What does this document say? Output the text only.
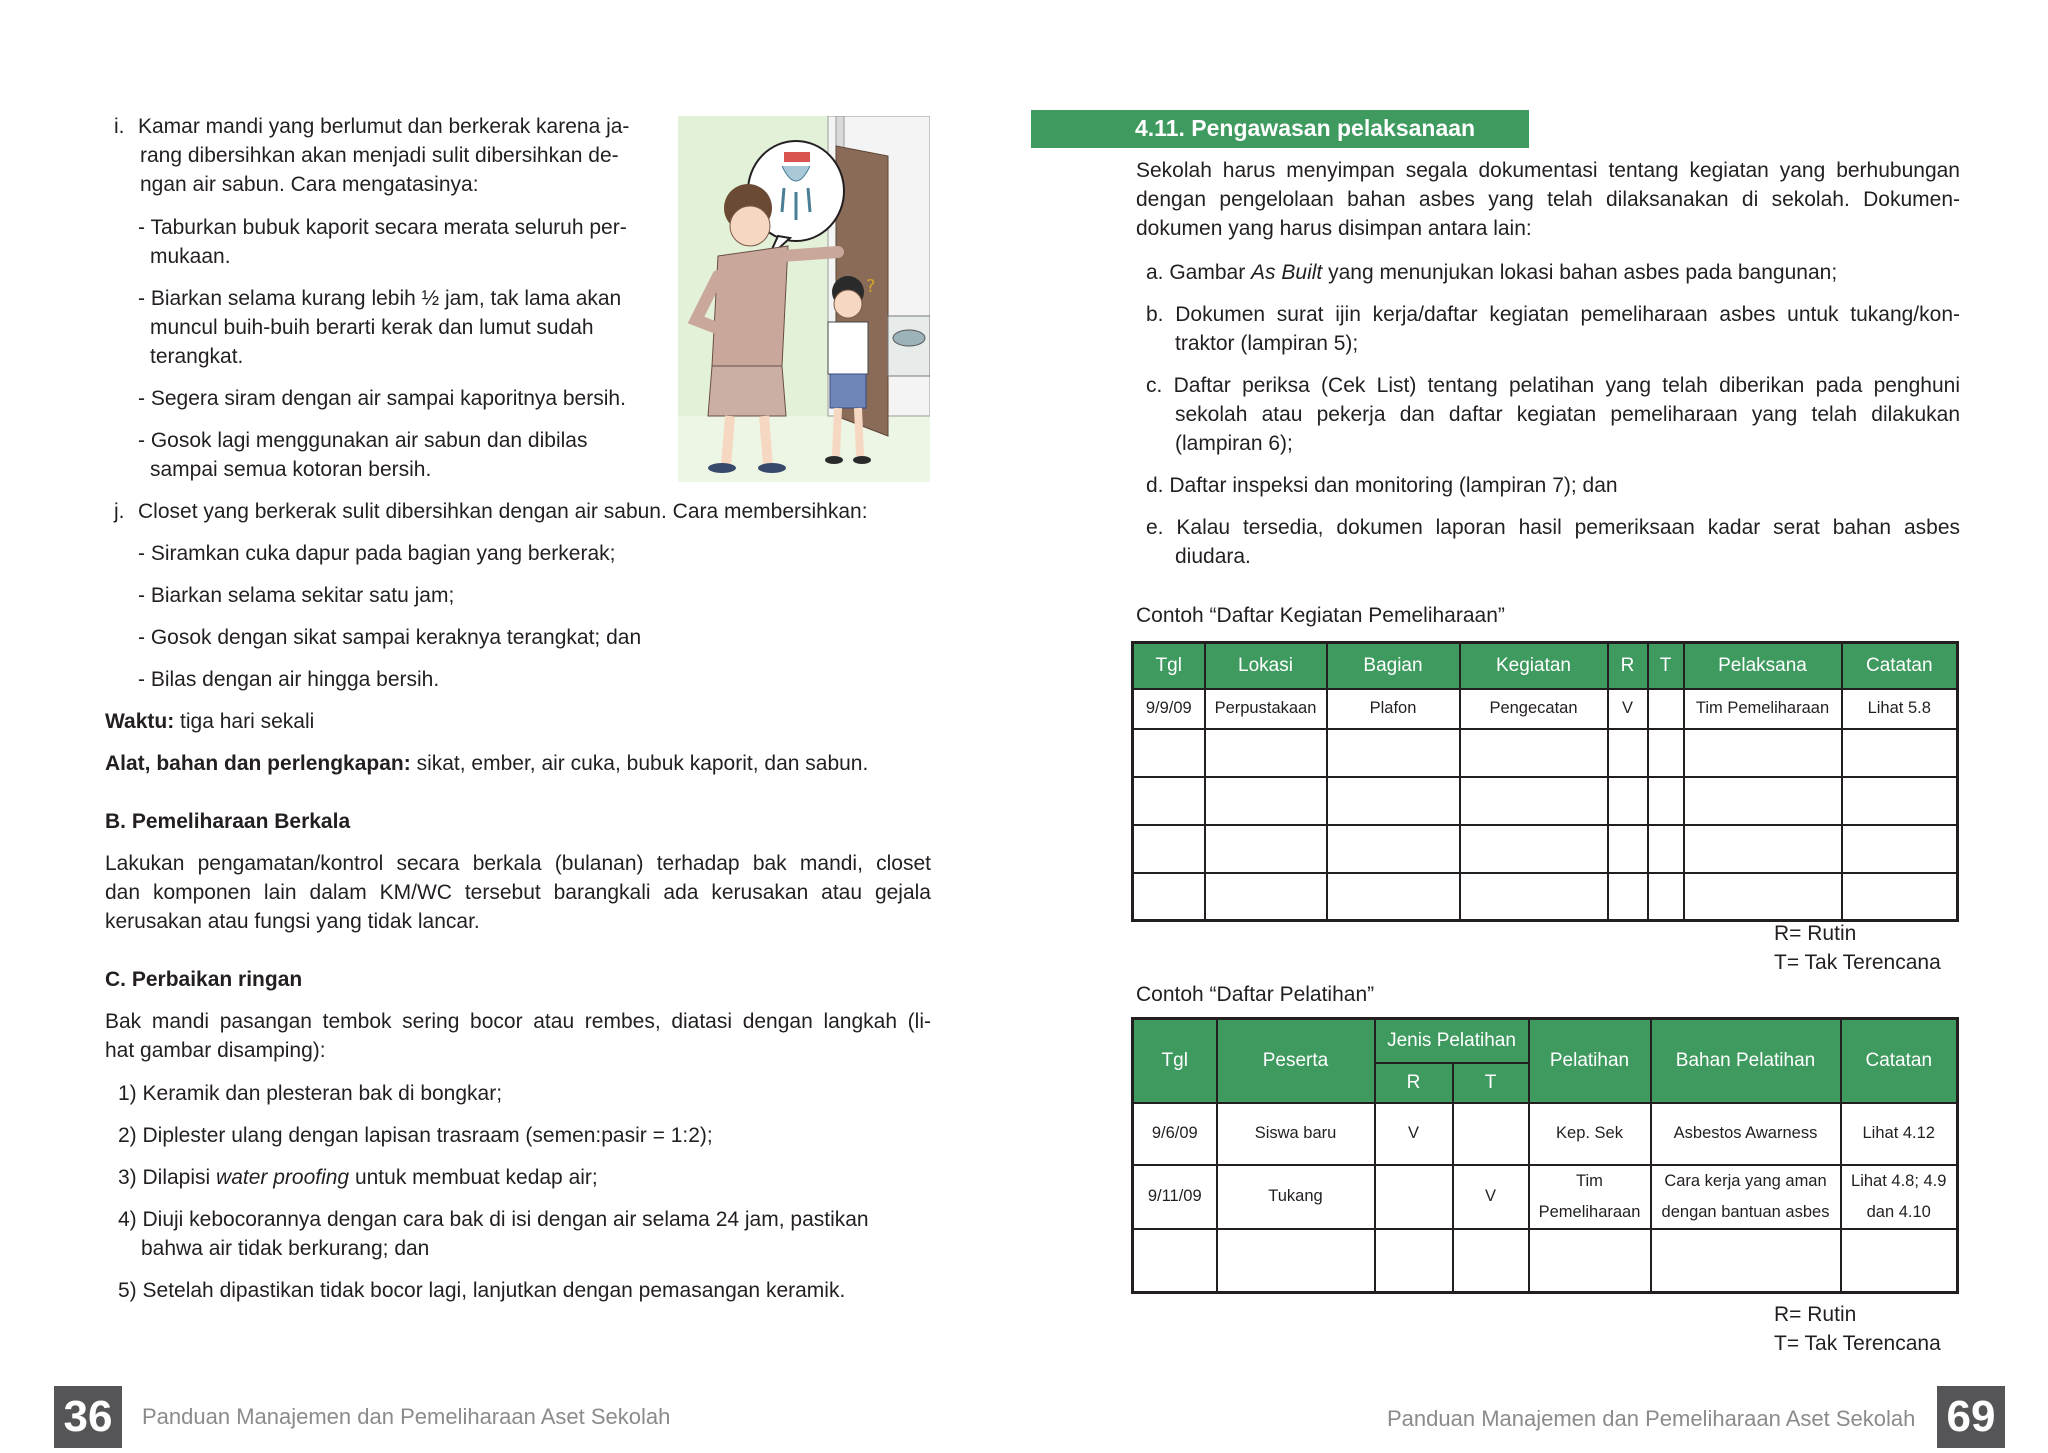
i. Kamar mandi yang berlumut dan berkerak karena ja-
rang dibersihkan akan menjadi sulit dibersihkan de-
ngan air sabun. Cara mengatasinya:
- Taburkan bubuk kaporit secara merata seluruh per-
mukaan.
- Biarkan selama kurang lebih ½ jam, tak lama akan
muncul buih-buih berarti kerak dan lumut sudah
terangkat.
- Segera siram dengan air sampai kaporitnya bersih.
- Gosok lagi menggunakan air sabun dan dibilas
sampai semua kotoran bersih.
?
j. Closet yang berkerak sulit dibersihkan dengan air sabun. Cara membersihkan:
- Siramkan cuka dapur pada bagian yang berkerak;
- Biarkan selama sekitar satu jam;
- Gosok dengan sikat sampai keraknya terangkat; dan
- Bilas dengan air hingga bersih.
Waktu: tiga hari sekali
Alat, bahan dan perlengkapan: sikat, ember, air cuka, bubuk kaporit, dan sabun.
B. Pemeliharaan Berkala
Lakukan pengamatan/kontrol secara berkala (bulanan) terhadap bak mandi, closet
dan komponen lain dalam KM/WC tersebut barangkali ada kerusakan atau gejala
kerusakan atau fungsi yang tidak lancar.
C. Perbaikan ringan
Bak mandi pasangan tembok sering bocor atau rembes, diatasi dengan langkah (li-
hat gambar disamping):
1) Keramik dan plesteran bak di bongkar;
2) Diplester ulang dengan lapisan trasraam (semen:pasir = 1:2);
3) Dilapisi water proofing untuk membuat kedap air;
4) Diuji kebocorannya dengan cara bak di isi dengan air selama 24 jam, pastikan
bahwa air tidak berkurang; dan
5) Setelah dipastikan tidak bocor lagi, lanjutkan dengan pemasangan keramik.
4.11. Pengawasan pelaksanaan
Sekolah harus menyimpan segala dokumentasi tentang kegiatan yang berhubungan
dengan pengelolaan bahan asbes yang telah dilaksanakan di sekolah. Dokumen-
dokumen yang harus disimpan antara lain:
a. Gambar As Built yang menunjukan lokasi bahan asbes pada bangunan;
b. Dokumen surat ijin kerja/daftar kegiatan pemeliharaan asbes untuk tukang/kon-
traktor (lampiran 5);
c. Daftar periksa (Cek List) tentang pelatihan yang telah diberikan pada penghuni
sekolah atau pekerja dan daftar kegiatan pemeliharaan yang telah dilakukan
(lampiran 6);
d. Daftar inspeksi dan monitoring (lampiran 7); dan
e. Kalau tersedia, dokumen laporan hasil pemeriksaan kadar serat bahan asbes
diudara.
Contoh “Daftar Kegiatan Pemeliharaan”
Tgl	Lokasi	Bagian	Kegiatan	R	T	Pelaksana	Catatan
9/9/09	Perpustakaan	Plafon	Pengecatan	V		Tim Pemeliharaan	Lihat 5.8

R= Rutin
T= Tak Terencana
Contoh “Daftar Pelatihan”
Tgl	Peserta	Jenis Pelatihan		Pelatihan	Bahan Pelatihan	Catatan
		R	T			
9/6/09	Siswa baru	V		Kep. Sek	Asbestos Awarness	Lihat 4.12
9/11/09	Tukang		V	Tim Pemeliharaan	Cara kerja yang aman dengan bantuan asbes	Lihat 4.8; 4.9 dan 4.10

R= Rutin
T= Tak Terencana
36	Panduan Manajemen dan Pemeliharaan Aset Sekolah	Panduan Manajemen dan Pemeliharaan Aset Sekolah 69
